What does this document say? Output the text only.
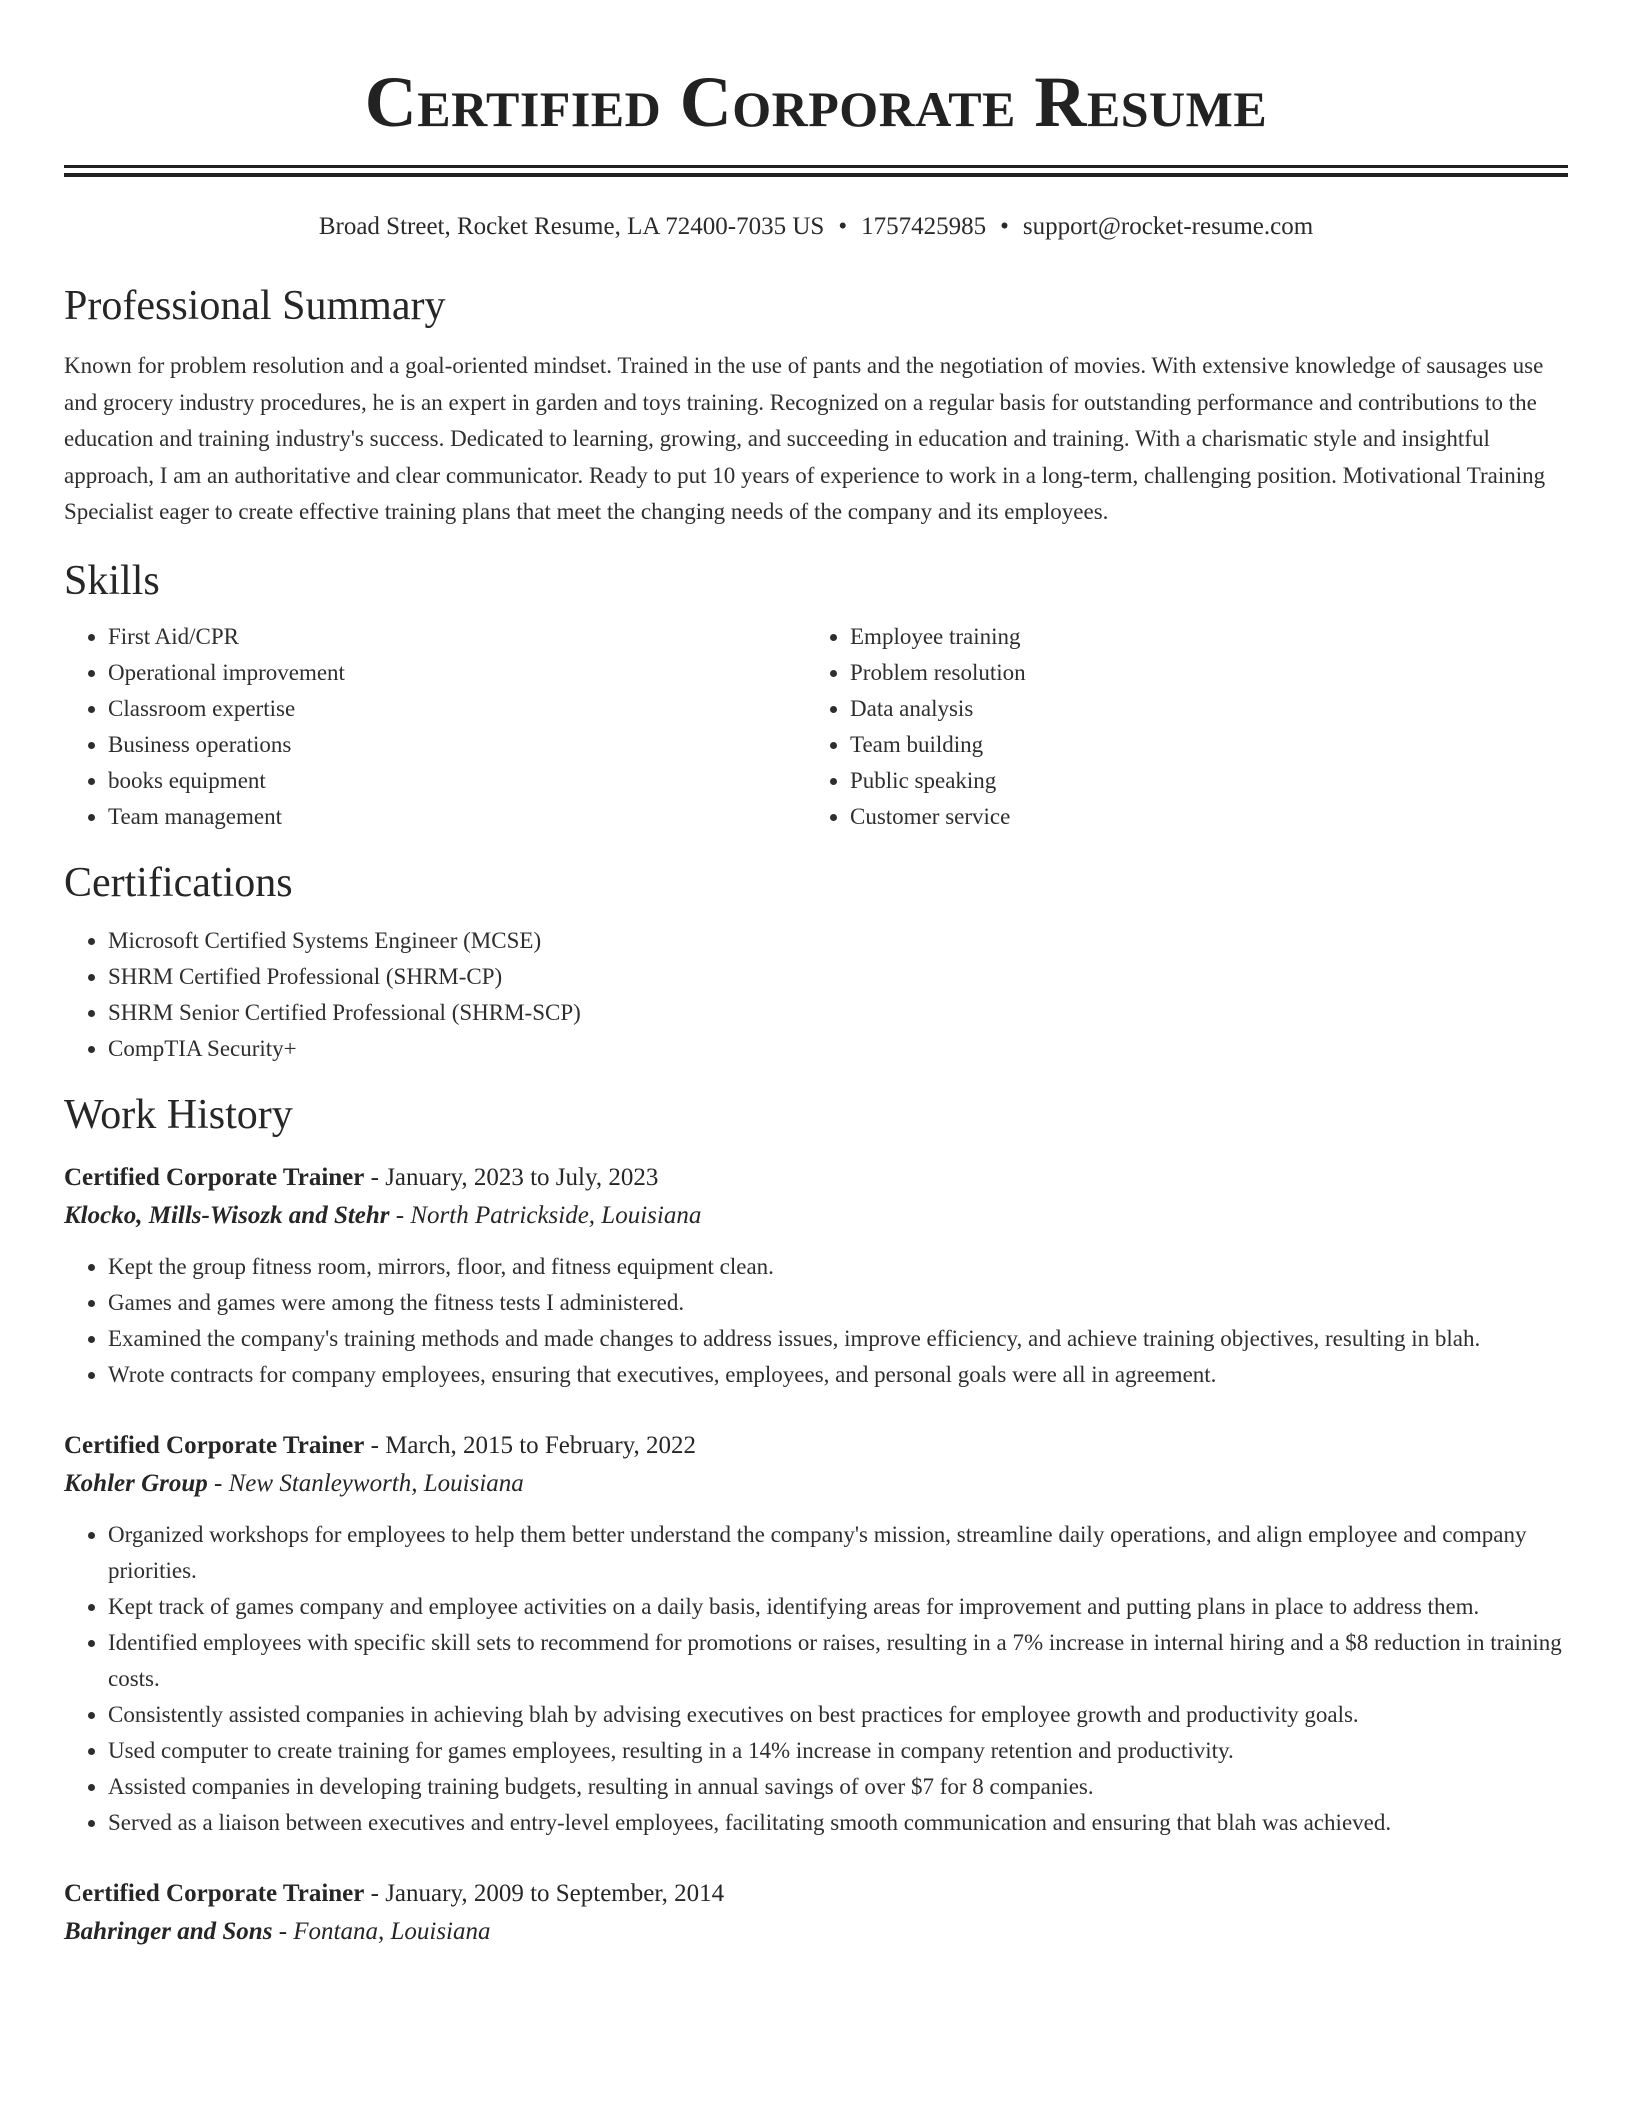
Certified Corporate Resume
Broad Street, Rocket Resume, LA 72400-7035 US • 1757425985 • support@rocket-resume.com
Professional Summary

Known for problem resolution and a goal-oriented mindset. Trained in the use of pants and the negotiation of movies. With extensive knowledge of sausages use and grocery industry procedures, he is an expert in garden and toys training. Recognized on a regular basis for outstanding performance and contributions to the education and training industry's success. Dedicated to learning, growing, and succeeding in education and training. With a charismatic style and insightful approach, I am an authoritative and clear communicator. Ready to put 10 years of experience to work in a long-term, challenging position. Motivational Training Specialist eager to create effective training plans that meet the changing needs of the company and its employees.

Skills
• First Aid/CPR
• Operational improvement
• Classroom expertise
• Business operations
• books equipment
• Team management
• Employee training
• Problem resolution
• Data analysis
• Team building
• Public speaking
• Customer service
Certifications
• Microsoft Certified Systems Engineer (MCSE)
• SHRM Certified Professional (SHRM-CP)
• SHRM Senior Certified Professional (SHRM-SCP)
• CompTIA Security+
Work History
Certified Corporate Trainer - January, 2023 to July, 2023
Klocko, Mills-Wisozk and Stehr - North Patrickside, Louisiana
• Kept the group fitness room, mirrors, floor, and fitness equipment clean.
• Games and games were among the fitness tests I administered.
• Examined the company's training methods and made changes to address issues, improve efficiency, and achieve training objectives, resulting in blah.
• Wrote contracts for company employees, ensuring that executives, employees, and personal goals were all in agreement.
Certified Corporate Trainer - March, 2015 to February, 2022
Kohler Group - New Stanleyworth, Louisiana
• Organized workshops for employees to help them better understand the company's mission, streamline daily operations, and align employee and company priorities.
• Kept track of games company and employee activities on a daily basis, identifying areas for improvement and putting plans in place to address them.
• Identified employees with specific skill sets to recommend for promotions or raises, resulting in a 7% increase in internal hiring and a $8 reduction in training costs.
• Consistently assisted companies in achieving blah by advising executives on best practices for employee growth and productivity goals.
• Used computer to create training for games employees, resulting in a 14% increase in company retention and productivity.
• Assisted companies in developing training budgets, resulting in annual savings of over $7 for 8 companies.
• Served as a liaison between executives and entry-level employees, facilitating smooth communication and ensuring that blah was achieved.
Certified Corporate Trainer - January, 2009 to September, 2014
Bahringer and Sons - Fontana, Louisiana
